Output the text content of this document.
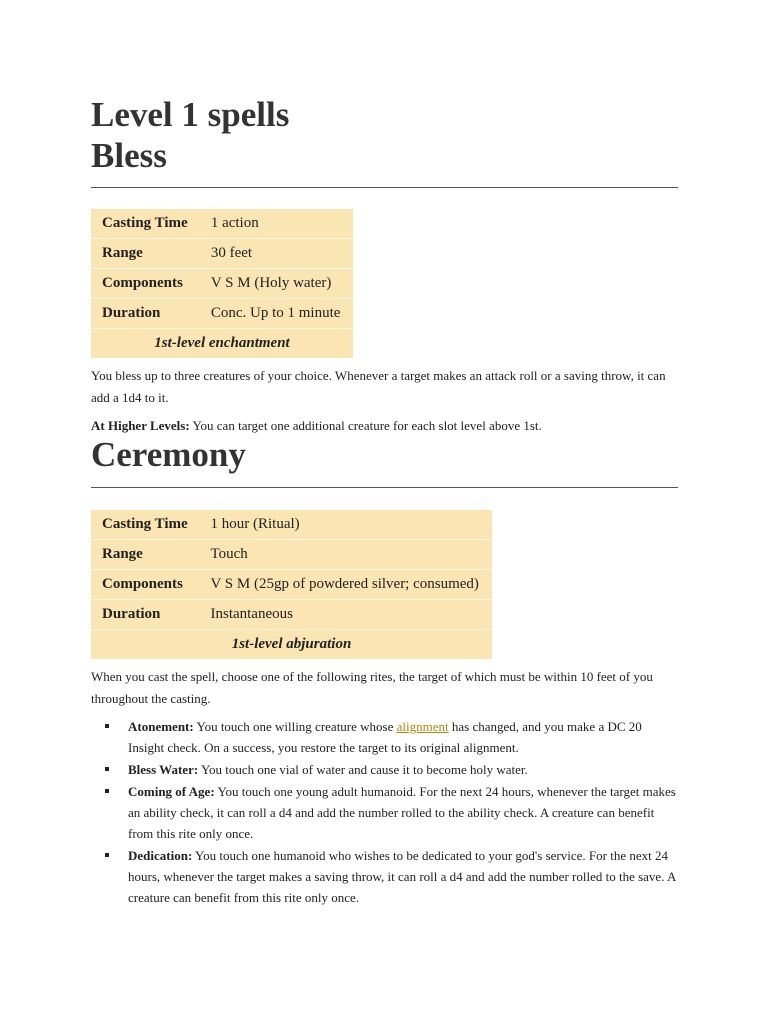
Level 1 spells
Bless
Casting Time	1 action
Range	30 feet
Components	V S M (Holy water)
Duration	Conc. Up to 1 minute
1st-level enchantment	

You bless up to three creatures of your choice. Whenever a target makes an attack roll or a saving throw, it can add a 1d4 to it.

At Higher Levels: You can target one additional creature for each slot level above 1st.

Ceremony
Casting Time	1 hour (Ritual)
Range	Touch
Components	V S M (25gp of powdered silver; consumed)
Duration	Instantaneous
1st-level abjuration	

When you cast the spell, choose one of the following rites, the target of which must be within 10 feet of you throughout the casting.

Atonement: You touch one willing creature whose alignment has changed, and you make a DC 20 Insight check. On a success, you restore the target to its original alignment.
Bless Water: You touch one vial of water and cause it to become holy water.
Coming of Age: You touch one young adult humanoid. For the next 24 hours, whenever the target makes an ability check, it can roll a d4 and add the number rolled to the ability check. A creature can benefit from this rite only once.
Dedication: You touch one humanoid who wishes to be dedicated to your god's service. For the next 24 hours, whenever the target makes a saving throw, it can roll a d4 and add the number rolled to the save. A creature can benefit from this rite only once.
